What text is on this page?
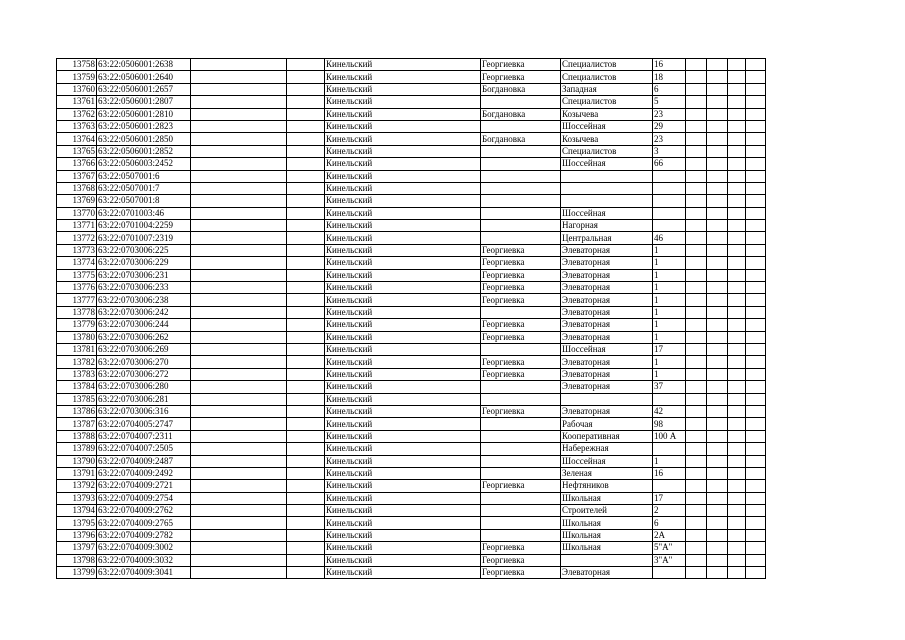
13758	63:22:0506001:2638			Кинельский	Георгиевка	Специалистов	16				
13759	63:22:0506001:2640			Кинельский	Георгиевка	Специалистов	18				
13760	63:22:0506001:2657			Кинельский	Богдановка	Западная	6				
13761	63:22:0506001:2807			Кинельский		Специалистов	5				
13762	63:22:0506001:2810			Кинельский	Богдановка	Козычева	23				
13763	63:22:0506001:2823			Кинельский		Шоссейная	29				
13764	63:22:0506001:2850			Кинельский	Богдановка	Козычева	23				
13765	63:22:0506001:2852			Кинельский		Специалистов	3				
13766	63:22:0506003:2452			Кинельский		Шоссейная	66				
13767	63:22:0507001:6			Кинельский							
13768	63:22:0507001:7			Кинельский							
13769	63:22:0507001:8			Кинельский							
13770	63:22:0701003:46			Кинельский		Шоссейная					
13771	63:22:0701004:2259			Кинельский		Нагорная					
13772	63:22:0701007:2319			Кинельский		Центральная	46				
13773	63:22:0703006:225			Кинельский	Георгиевка	Элеваторная	1				
13774	63:22:0703006:229			Кинельский	Георгиевка	Элеваторная	1				
13775	63:22:0703006:231			Кинельский	Георгиевка	Элеваторная	1				
13776	63:22:0703006:233			Кинельский	Георгиевка	Элеваторная	1				
13777	63:22:0703006:238			Кинельский	Георгиевка	Элеваторная	1				
13778	63:22:0703006:242			Кинельский		Элеваторная	1				
13779	63:22:0703006:244			Кинельский	Георгиевка	Элеваторная	1				
13780	63:22:0703006:262			Кинельский	Георгиевка	Элеваторная	1				
13781	63:22:0703006:269			Кинельский		Шоссейная	17				
13782	63:22:0703006:270			Кинельский	Георгиевка	Элеваторная	1				
13783	63:22:0703006:272			Кинельский	Георгиевка	Элеваторная	1				
13784	63:22:0703006:280			Кинельский		Элеваторная	37				
13785	63:22:0703006:281			Кинельский							
13786	63:22:0703006:316			Кинельский	Георгиевка	Элеваторная	42				
13787	63:22:0704005:2747			Кинельский		Рабочая	98				
13788	63:22:0704007:2311			Кинельский		Кооперативная	100 А				
13789	63:22:0704007:2505			Кинельский		Набережная					
13790	63:22:0704009:2487			Кинельский		Шоссейная	1				
13791	63:22:0704009:2492			Кинельский		Зеленая	16				
13792	63:22:0704009:2721			Кинельский	Георгиевка	Нефтяников					
13793	63:22:0704009:2754			Кинельский		Школьная	17				
13794	63:22:0704009:2762			Кинельский		Строителей	2				
13795	63:22:0704009:2765			Кинельский		Школьная	6				
13796	63:22:0704009:2782			Кинельский		Школьная	2А				
13797	63:22:0704009:3002			Кинельский	Георгиевка	Школьная	5"А"				
13798	63:22:0704009:3032			Кинельский	Георгиевка		3"А"				
13799	63:22:0704009:3041			Кинельский	Георгиевка	Элеваторная					
